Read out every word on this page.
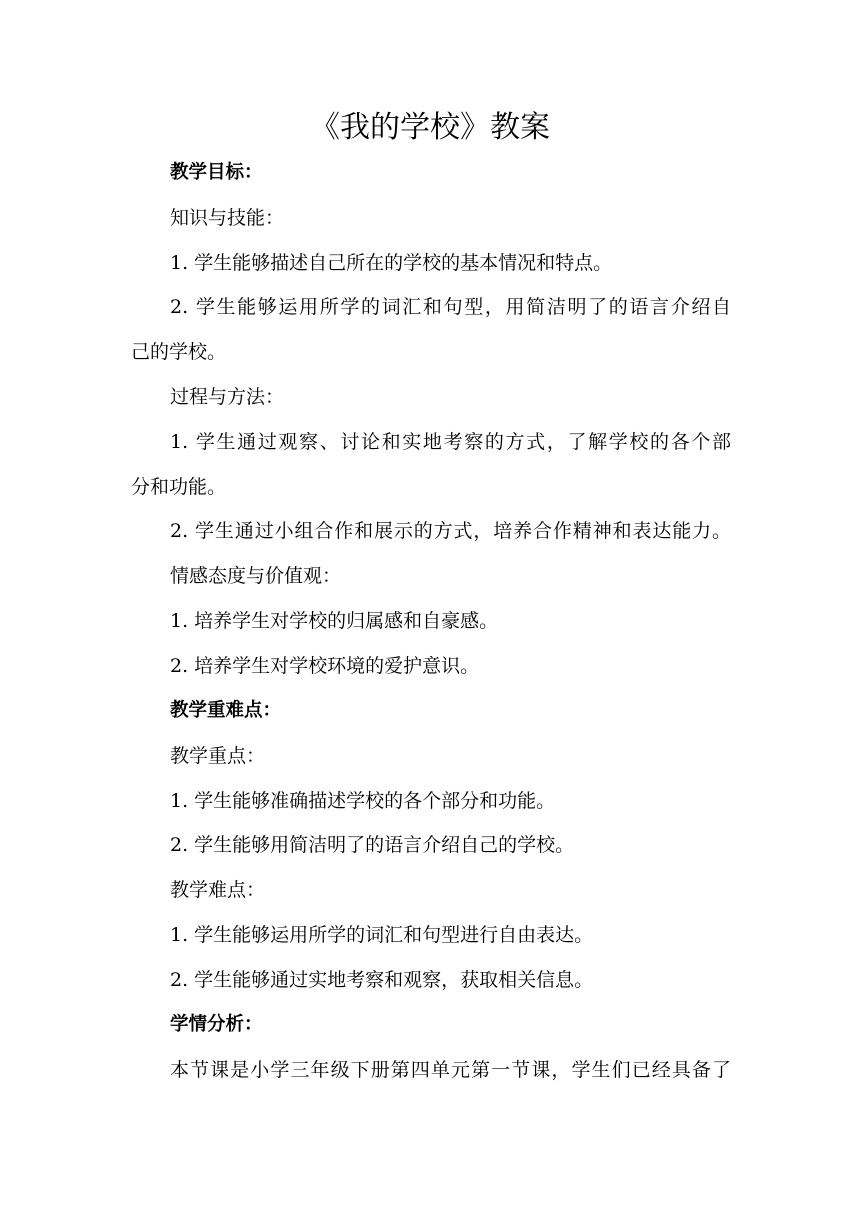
《我的学校》教案
教学目标：
知识与技能：
1. 学生能够描述自己所在的学校的基本情况和特点。
2. 学生能够运用所学的词汇和句型，用简洁明了的语言介绍自
己的学校。
过程与方法：
1. 学生通过观察、讨论和实地考察的方式，了解学校的各个部
分和功能。
2. 学生通过小组合作和展示的方式，培养合作精神和表达能力。
情感态度与价值观：
1. 培养学生对学校的归属感和自豪感。
2. 培养学生对学校环境的爱护意识。
教学重难点：
教学重点：
1. 学生能够准确描述学校的各个部分和功能。
2. 学生能够用简洁明了的语言介绍自己的学校。
教学难点：
1. 学生能够运用所学的词汇和句型进行自由表达。
2. 学生能够通过实地考察和观察，获取相关信息。
学情分析：
本节课是小学三年级下册第四单元第一节课，学生们已经具备了
